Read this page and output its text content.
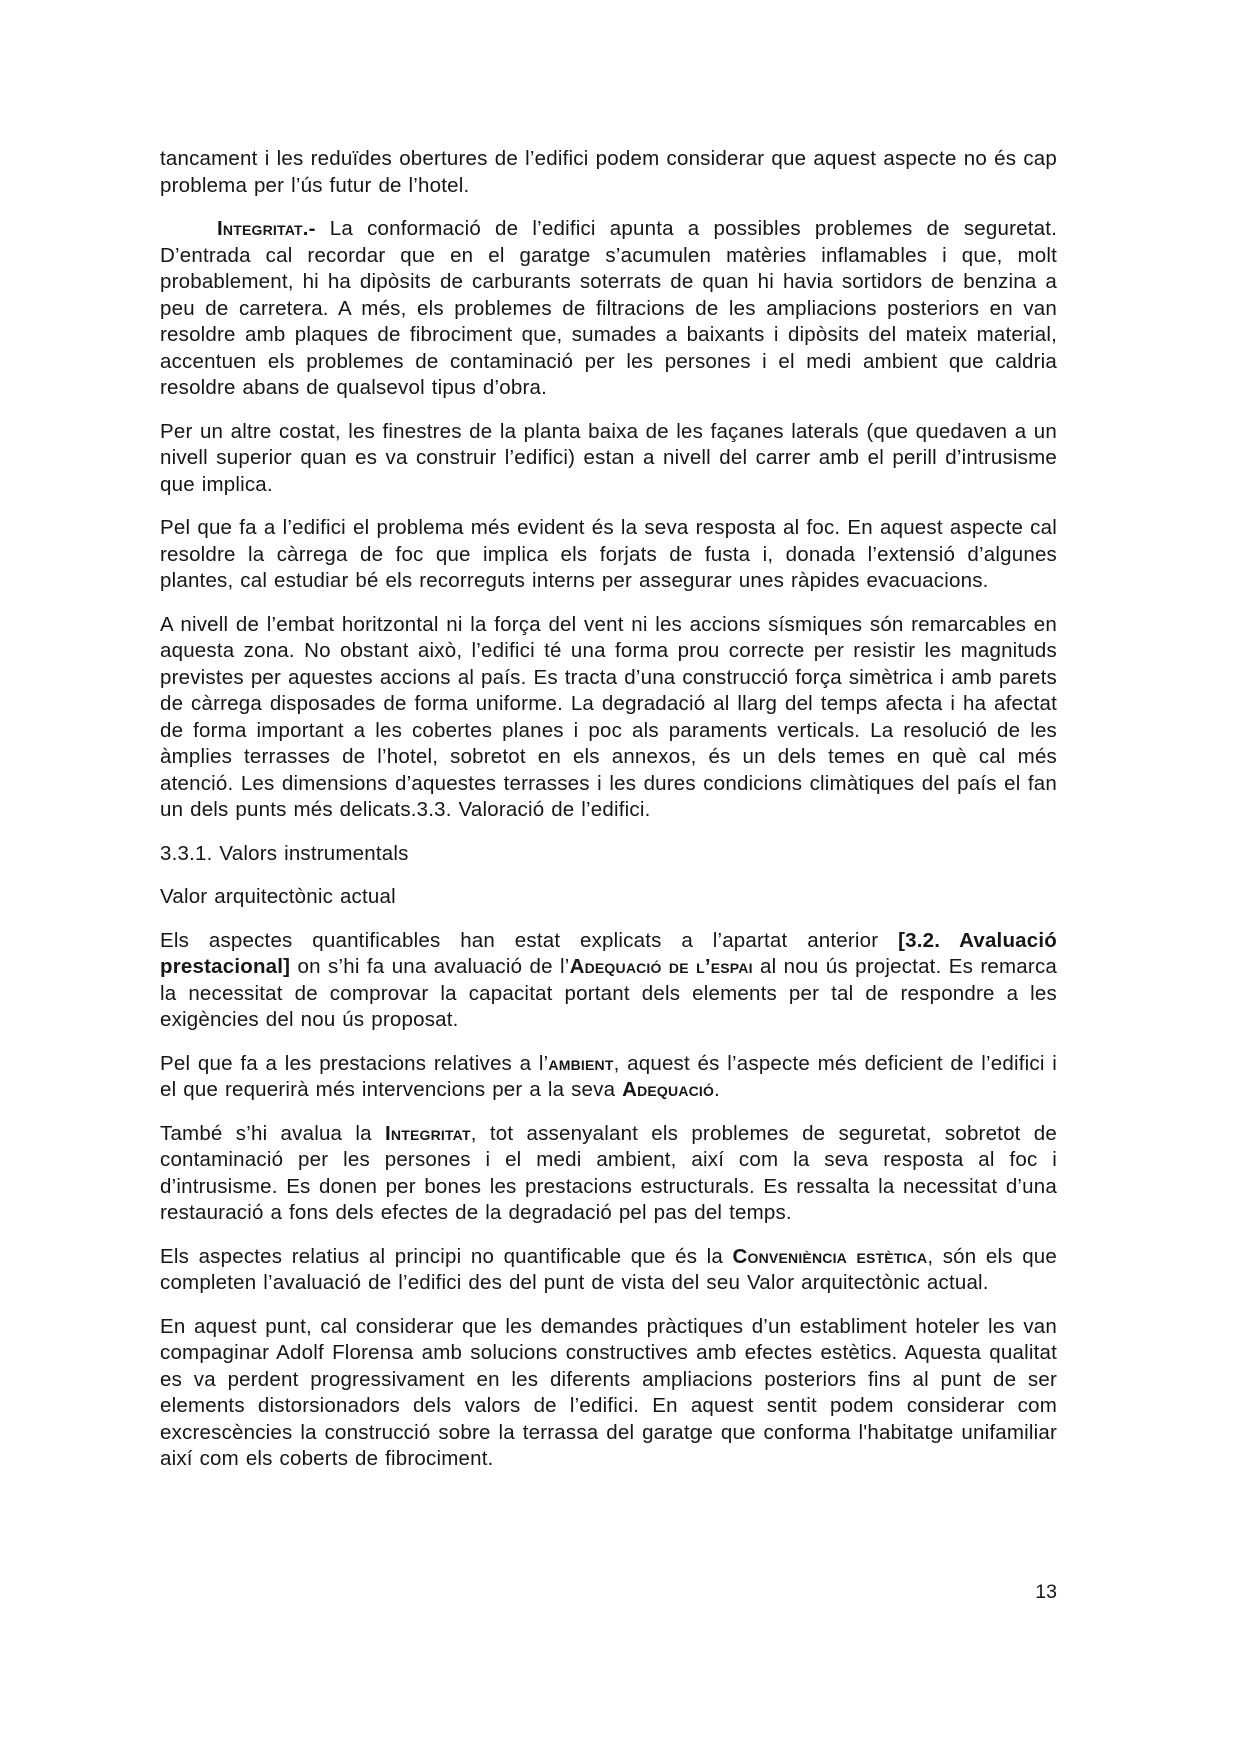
tancament i les reduïdes obertures de l’edifici podem considerar que aquest aspecte no és cap problema per l’ús futur de l’hotel.

Integritat.- La conformació de l’edifici apunta a possibles problemes de seguretat. D’entrada cal recordar que en el garatge s’acumulen matèries inflamables i que, molt probablement, hi ha dipòsits de carburants soterrats de quan hi havia sortidors de benzina a peu de carretera. A més, els problemes de filtracions de les ampliacions posteriors en van resoldre amb plaques de fibrociment que, sumades a baixants i dipòsits del mateix material, accentuen els problemes de contaminació per les persones i el medi ambient que caldria resoldre abans de qualsevol tipus d’obra.

Per un altre costat, les finestres de la planta baixa de les façanes laterals (que quedaven a un nivell superior quan es va construir l’edifici) estan a nivell del carrer amb el perill d’intrusisme que implica.

Pel que fa a l’edifici el problema més evident és la seva resposta al foc. En aquest aspecte cal resoldre la càrrega de foc que implica els forjats de fusta i, donada l’extensió d’algunes plantes, cal estudiar bé els recorreguts interns per assegurar unes ràpides evacuacions.

A nivell de l’embat horitzontal ni la força del vent ni les accions sísmiques són remarcables en aquesta zona. No obstant això, l’edifici té una forma prou correcte per resistir les magnituds previstes per aquestes accions al país. Es tracta d’una construcció força simètrica i amb parets de càrrega disposades de forma uniforme. La degradació al llarg del temps afecta i ha afectat de forma important a les cobertes planes i poc als paraments verticals. La resolució de les àmplies terrasses de l’hotel, sobretot en els annexos, és un dels temes en què cal més atenció. Les dimensions d’aquestes terrasses i les dures condicions climàtiques del país el fan un dels punts més delicats.3.3. Valoració de l’edifici.

3.3.1. Valors instrumentals

Valor arquitectònic actual

Els aspectes quantificables han estat explicats a l’apartat anterior [3.2. Avaluació prestacional] on s’hi fa una avaluació de l’Adequació de l’espai al nou ús projectat. Es remarca la necessitat de comprovar la capacitat portant dels elements per tal de respondre a les exigències del nou ús proposat.

Pel que fa a les prestacions relatives a l’ambient, aquest és l’aspecte més deficient de l’edifici i el que requerirà més intervencions per a la seva Adequació.

També s’hi avalua la Integritat, tot assenyalant els problemes de seguretat, sobretot de contaminació per les persones i el medi ambient, així com la seva resposta al foc i d’intrusisme. Es donen per bones les prestacions estructurals. Es ressalta la necessitat d’una restauració a fons dels efectes de la degradació pel pas del temps.

Els aspectes relatius al principi no quantificable que és la Conveniència estètica, són els que completen l’avaluació de l’edifici des del punt de vista del seu Valor arquitectònic actual.

En aquest punt, cal considerar que les demandes pràctiques d’un establiment hoteler les van compaginar Adolf Florensa amb solucions constructives amb efectes estètics. Aquesta qualitat es va perdent progressivament en les diferents ampliacions posteriors fins al punt de ser elements distorsionadors dels valors de l’edifici. En aquest sentit podem considerar com excrescències la construcció sobre la terrassa del garatge que conforma l'habitatge unifamiliar així com els coberts de fibrociment.

13
